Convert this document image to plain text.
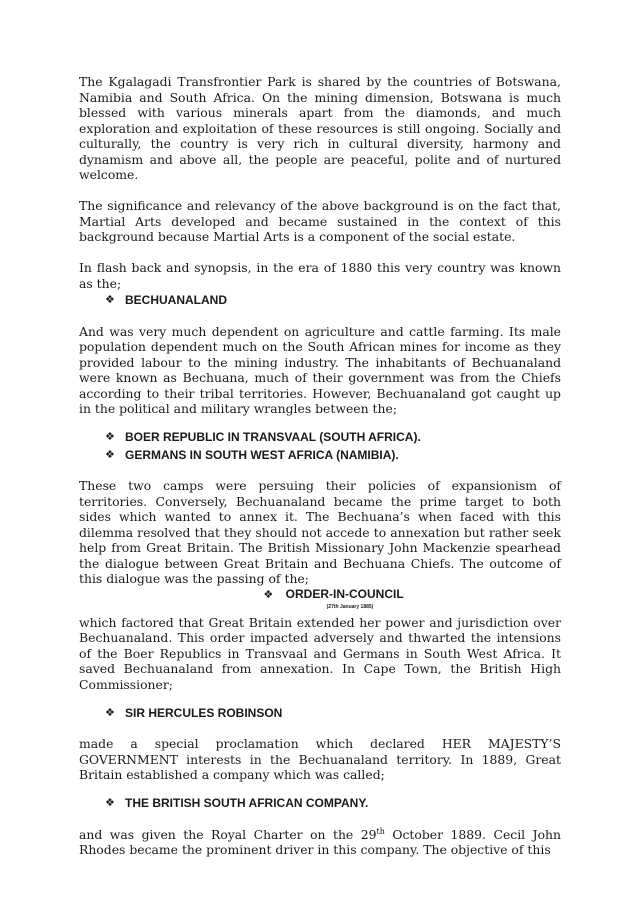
The Kgalagadi Transfrontier Park is shared by the countries of Botswana, Namibia and South Africa. On the mining dimension, Botswana is much blessed with various minerals apart from the diamonds, and much exploration and exploitation of these resources is still ongoing. Socially and culturally, the country is very rich in cultural diversity, harmony and dynamism and above all, the people are peaceful, polite and of nurtured welcome.

The significance and relevancy of the above background is on the fact that, Martial Arts developed and became sustained in the context of this background because Martial Arts is a component of the social estate.

In flash back and synopsis, in the era of 1880 this very country was known as the;

❖ BECHUANALAND

And was very much dependent on agriculture and cattle farming. Its male population dependent much on the South African mines for income as they provided labour to the mining industry. The inhabitants of Bechuanaland were known as Bechuana, much of their government was from the Chiefs according to their tribal territories. However, Bechuanaland got caught up in the political and military wrangles between the;

❖ BOER REPUBLIC IN TRANSVAAL (SOUTH AFRICA).
❖ GERMANS IN SOUTH WEST AFRICA (NAMIBIA).

These two camps were persuing their policies of expansionism of territories. Conversely, Bechuanaland became the prime target to both sides which wanted to annex it. The Bechuana’s when faced with this dilemma resolved that they should not accede to annexation but rather seek help from Great Britain. The British Missionary John Mackenzie spearhead the dialogue between Great Britain and Bechuana Chiefs. The outcome of this dialogue was the passing of the;

❖ ORDER-IN-COUNCIL
(27th January 1885)

which factored that Great Britain extended her power and jurisdiction over Bechuanaland. This order impacted adversely and thwarted the intensions of the Boer Republics in Transvaal and Germans in South West Africa. It saved Bechuanaland from annexation. In Cape Town, the British High Commissioner;

❖ SIR HERCULES ROBINSON

made a special proclamation which declared HER MAJESTY’S GOVERNMENT interests in the Bechuanaland territory. In 1889, Great Britain established a company which was called;

❖ THE BRITISH SOUTH AFRICAN COMPANY.

and was given the Royal Charter on the 29th October 1889. Cecil John Rhodes became the prominent driver in this company. The objective of this
